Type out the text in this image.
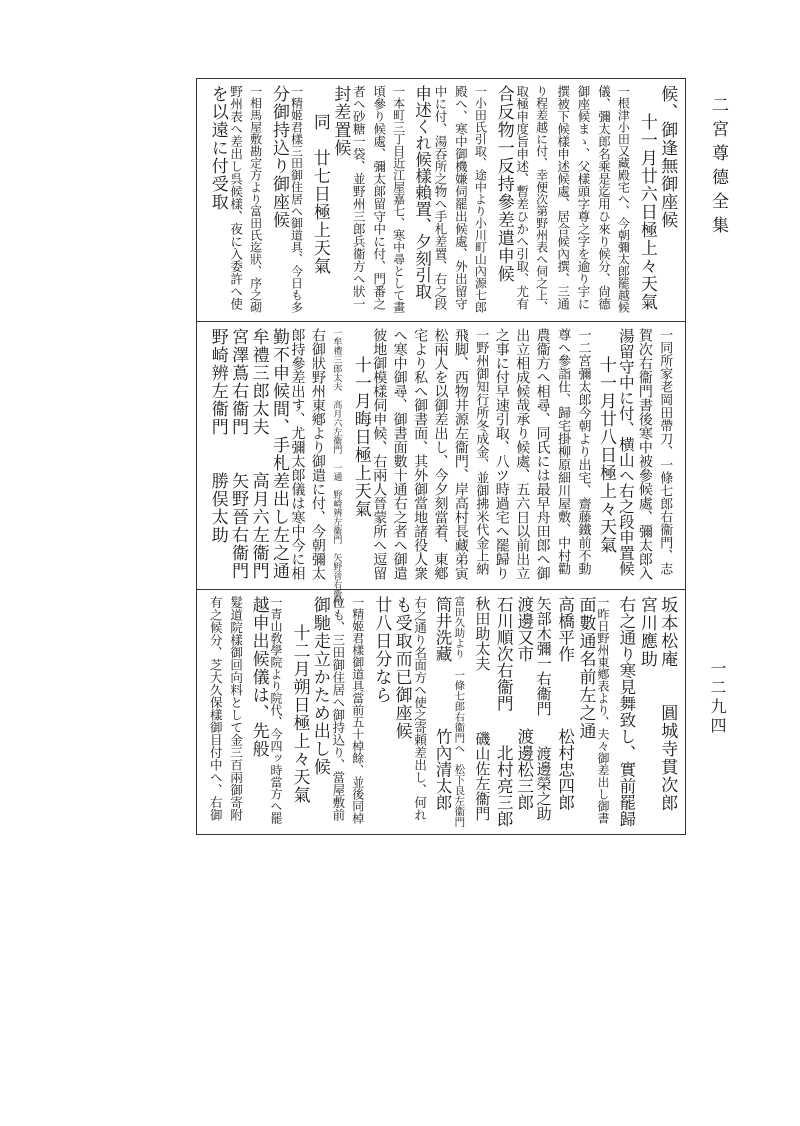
二宮尊德全集
一二九四
候、御逢無御座候
十一月廿六日極上々天氣
一根津小田又藏殿宅へ、今朝彌太郎罷越候
儀、彌太郎名乘是迄用ひ來り候分、尙德
御座候まゝ、父樣頭字尊之字を逾り宇に
撰被下候樣申述候處、居合候內撰、三通
り程差越に付、幸便次第野州表へ伺之上、
取極申度旨申述、暫差ひかへ引取、尤有
合反物一反持參差遣申候
一小田氏引取、途中より小川町山內源七郎
殿へ、寒中御機嫌伺罷出候處、外出留守
中に付、湯吞所之物へ手札差置、右之段
申述くれ候樣賴置、夕刻引取
一本町三丁目近江屋嘉七、寒中尋として畫
頃參り候處、彌太郞留守中に付、門番之
者へ砂糖一袋、並野州三郎兵衞方へ狀一
封差置候
同　廿七日極上天氣
一精姬君樣三田御住居へ御道具、今日も多
分御持込り御座候
一相馬屋敷勘定方より富田氏迄狀、序之砌
野州表へ差出し呉候樣、夜に入委許へ使
を以遠に付受取
一同所家老岡田帶刀、一條七郎右衞門、志
賀次右衞門書後寒中被參候處、彌太郎入
湯留守中に付、横山へ右之段申置候
十一月廿八日極上々天氣
一二宮彌太郎今朝より出宅、齋藤鐵前不動
尊へ參詣仕、歸宅掛柳原細川屋敷、中村勸
農衞方へ相尋、同氏には最早舟田郎へ御
出立相成候哉承り候處、五六日以前出立
之事に付早速引取、八ツ時過宅へ罷歸り
一野州御知行所冬成金、並御拂米代金上納
飛脚、西物井源左衞門、岸高村長藏弟寅
松兩人を以御差出し、今夕刻當着、東鄕
宅より私へ御書面、其外御當地諸役人衆
へ寒中御尋、御書面數十通右之者へ御遣
彼地御模樣伺申候、右兩人晉蒙所へ逗留
十一月晦日極上天氣
一牟禮三郎太夫　高月六左衞門　一通　野崎辨左衞門　矢野晉右衞門
右御狀野州東鄕より御遣に付、今朝彌太
郞持參差出す、尤彌太郞儀は寒中今に相
勤不申候間、手札差出し左之通
牟禮三郎太夫　　高月六左衞門
宮澤蔦右衞門　　矢野晉右衞門
野崎辨左衞門　　勝俣太助
坂本松庵　　圓城寺貫次郎
宮川應助
右之通り寒見舞致し、實前罷歸
一昨日野州東鄕表より、夫々御差出し御書
面數通名前左之通
高橋平作　　　　松村忠四郎
矢部木彌一右衞門　　渡邊榮之助
渡邊又市　　　　渡邊松三郎
石川順次右衞門　　北村亮三郎
秋田助太夫　　　　磯山佐左衞門
富田久助より　一條七郎右衞門へ　松下良左衞門
筒井洗藏　　　　竹內清太郎
右之通り名面方へ使之寄頼差出し、何れ
も受取而已御座候
廿八日分なら
一精姬君樣御道具當前五十棹餘、並後同棹
位も、三田御住居へ御持込り、當屋敷前
御馳走立かため出し候
十二月朔日極上々天氣
一青山敎學院より院代、今四ッ時當方へ罷
越申出候儀は、先般
髮道院樣御回向料として金三百兩御寄附
有之候分、芝大久保樣御目付中へ、右御
